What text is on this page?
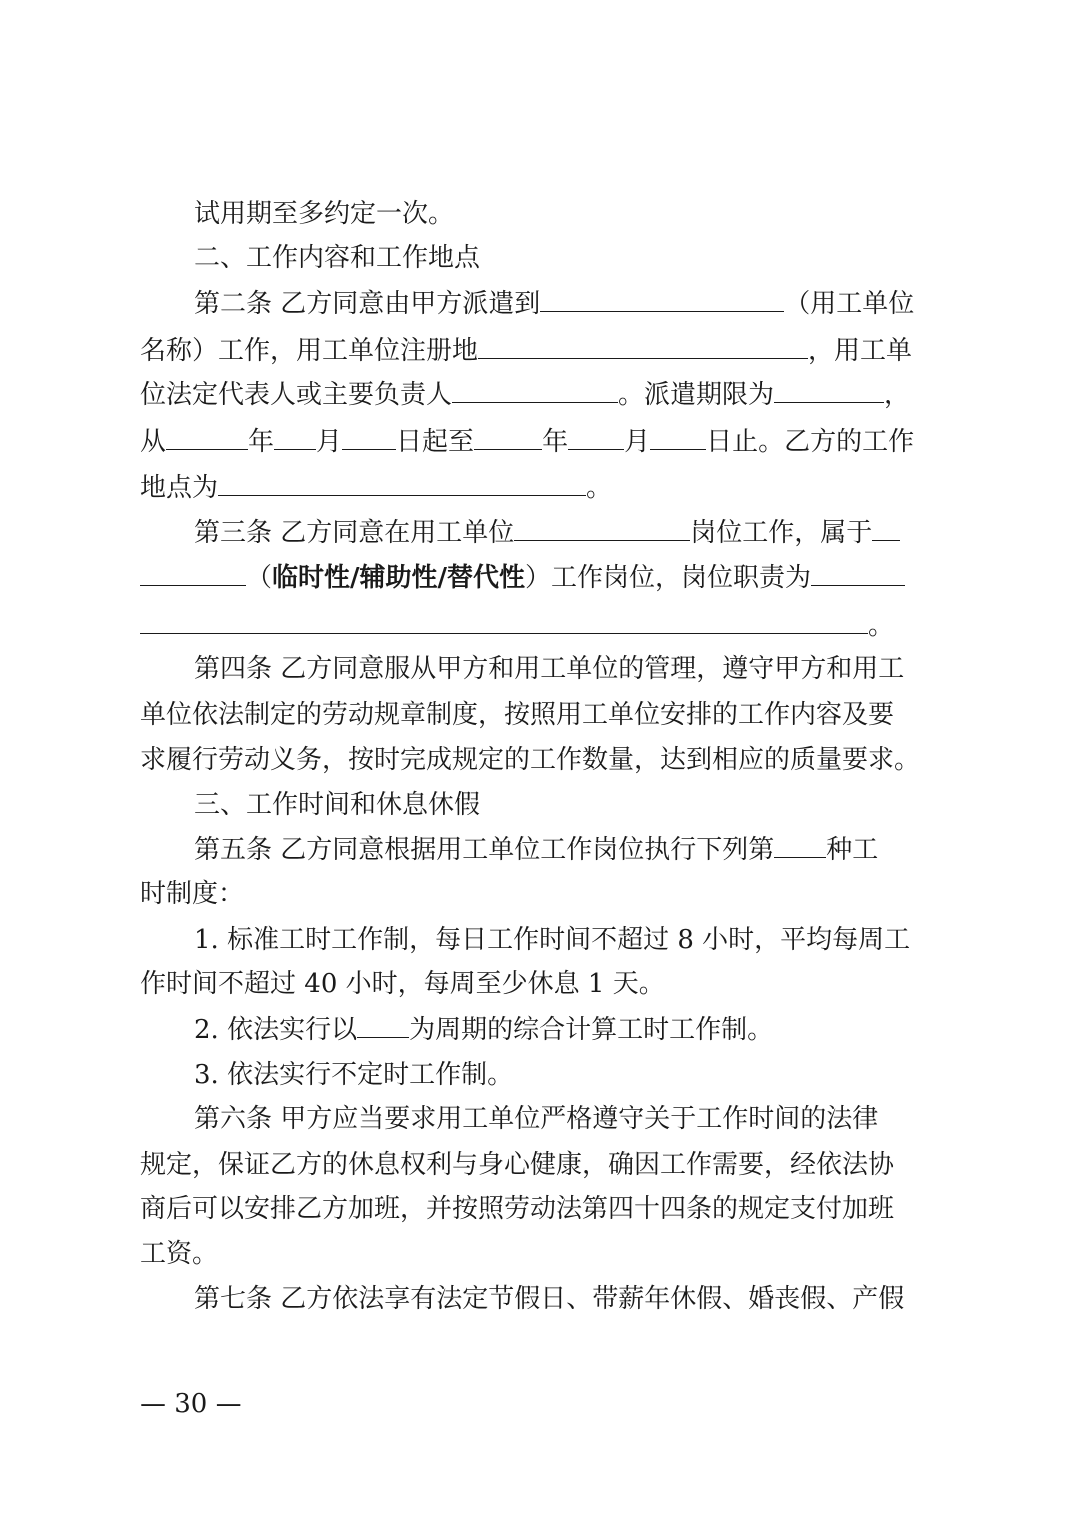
试用期至多约定一次。
二、工作内容和工作地点
第二条 乙方同意由甲方派遣到	（用工单位
名称）工作，用工单位注册地	，用工单
位法定代表人或主要负责人	。派遣期限为	，
从	年 月 日起至	年 月 日止。乙方的工作
地点为	。
第三条 乙方同意在用工单位	岗位工作，属于
（临时性/辅助性/替代性）工作岗位，岗位职责为
。
第四条 乙方同意服从甲方和用工单位的管理，遵守甲方和用工
单位依法制定的劳动规章制度，按照用工单位安排的工作内容及要
求履行劳动义务，按时完成规定的工作数量，达到相应的质量要求。
三、工作时间和休息休假
第五条 乙方同意根据用工单位工作岗位执行下列第 种工
时制度：
1. 标准工时工作制，每日工作时间不超过 8 小时，平均每周工
作时间不超过 40 小时，每周至少休息 1 天。
2. 依法实行以 为周期的综合计算工时工作制。
3. 依法实行不定时工作制。
第六条 甲方应当要求用工单位严格遵守关于工作时间的法律
规定，保证乙方的休息权利与身心健康，确因工作需要，经依法协
商后可以安排乙方加班，并按照劳动法第四十四条的规定支付加班
工资。
第七条 乙方依法享有法定节假日、带薪年休假、婚丧假、产假
— 30 —
